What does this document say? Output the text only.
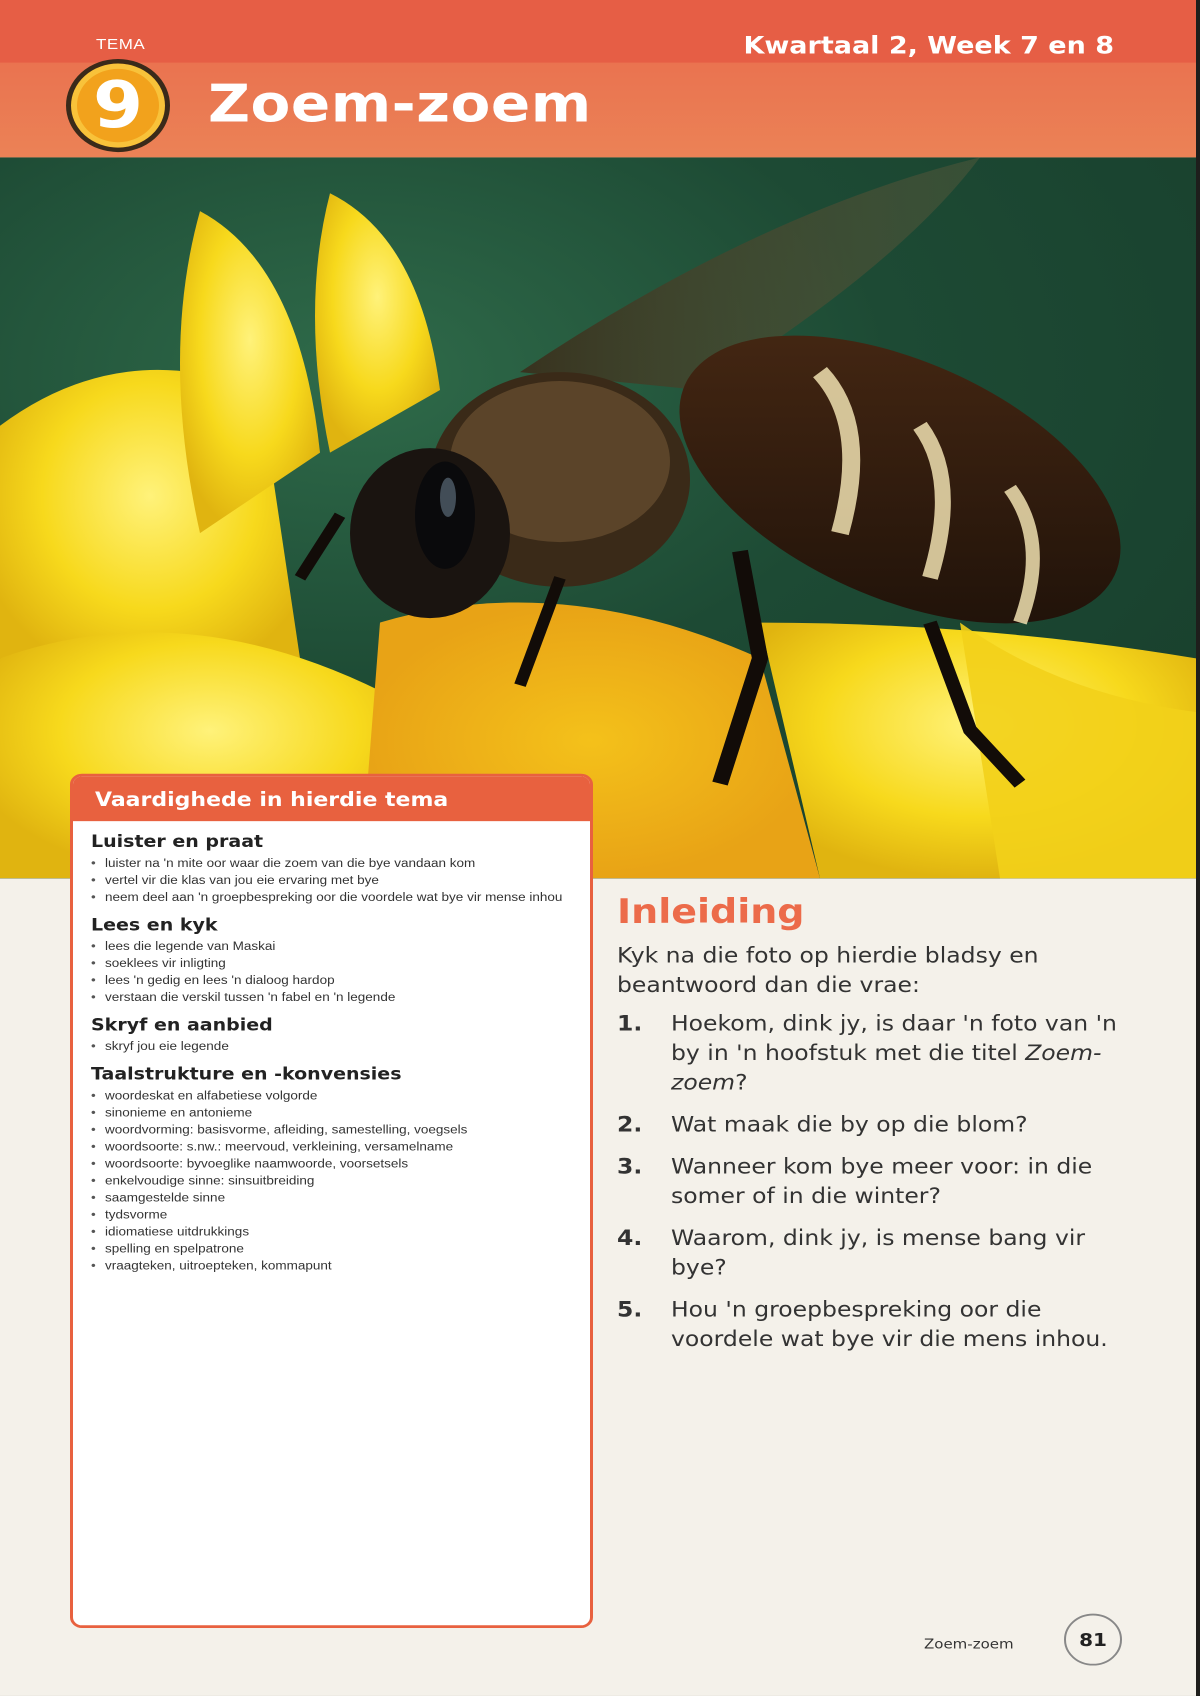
TEMA	Kwartaal 2, Week 7 en 8
9	Zoem-zoem
Vaardighede in hierdie tema
Luister en praat
• luister na 'n mite oor waar die zoem van die bye vandaan kom
• vertel vir die klas van jou eie ervaring met bye
• neem deel aan 'n groepbespreking oor die voordele wat bye vir mense inhou
Lees en kyk
• lees die legende van Maskai
• soeklees vir inligting
• lees 'n gedig en lees 'n dialoog hardop
• verstaan die verskil tussen 'n fabel en 'n legende
Skryf en aanbied
• skryf jou eie legende
Taalstrukture en -konvensies
• woordeskat en alfabetiese volgorde
• sinonieme en antonieme
• woordvorming: basisvorme, afleiding, samestelling, voegsels
• woordsoorte: s.nw.: meervoud, verkleining, versamelname
• woordsoorte: byvoeglike naamwoorde, voorsetsels
• enkelvoudige sinne: sinsuitbreiding
• saamgestelde sinne
• tydsvorme
• idiomatiese uitdrukkings
• spelling en spelpatrone
• vraagteken, uitroepteken, kommapunt
Inleiding
Kyk na die foto op hierdie bladsy en beantwoord dan die vrae:
1. Hoekom, dink jy, is daar 'n foto van 'n by in 'n hoofstuk met die titel Zoem-zoem?
2. Wat maak die by op die blom?
3. Wanneer kom bye meer voor: in die somer of in die winter?
4. Waarom, dink jy, is mense bang vir bye?
5. Hou 'n groepbespreking oor die voordele wat bye vir die mens inhou.
Zoem-zoem	81
